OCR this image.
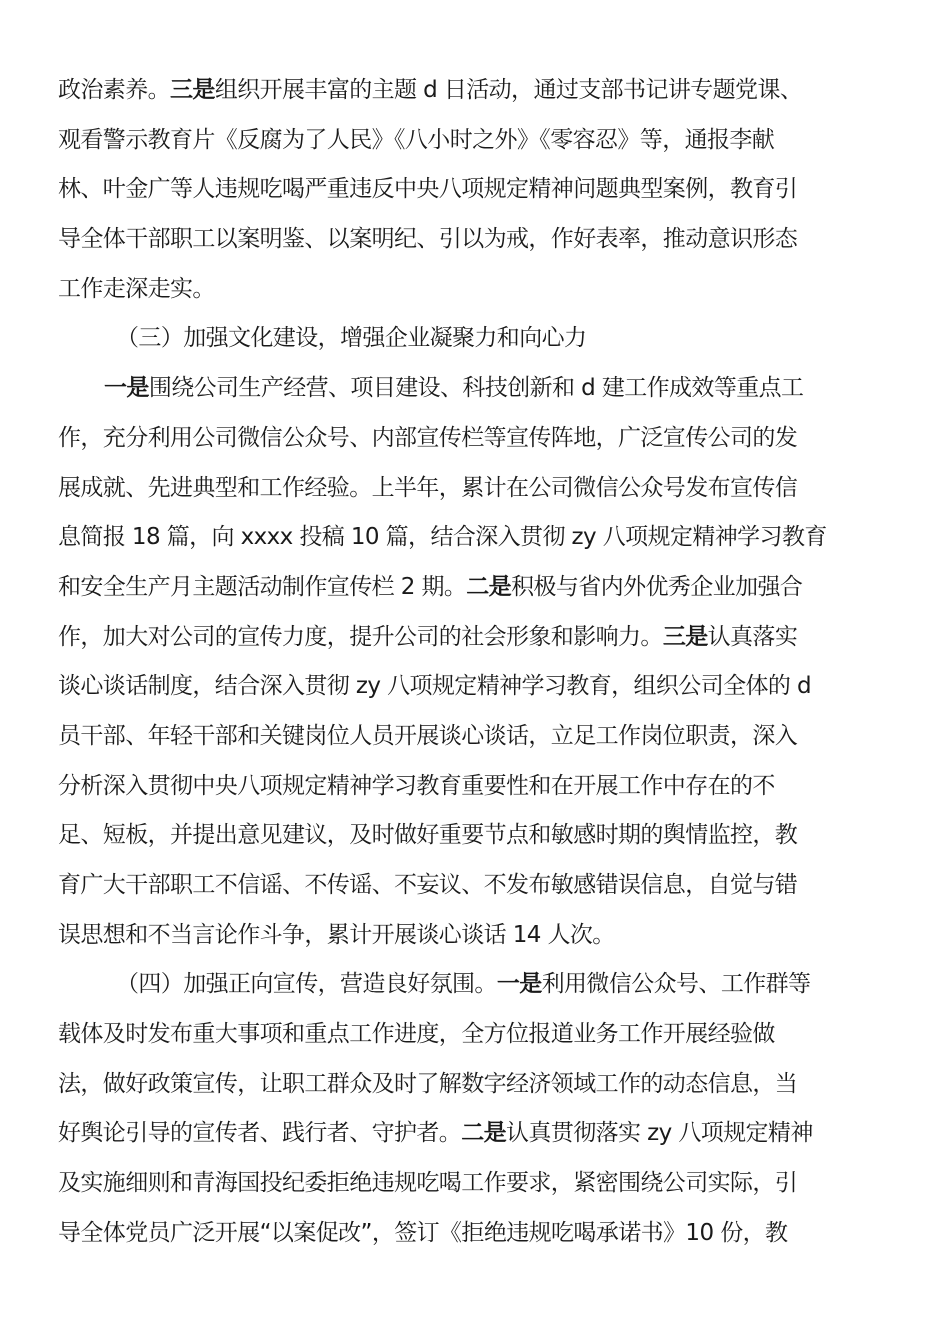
政治素养。三是组织开展丰富的主题 d 日活动，通过支部书记讲专题党课、
观看警示教育片《反腐为了人民》《八小时之外》《零容忍》等，通报李献
林、叶金广等人违规吃喝严重违反中央八项规定精神问题典型案例，教育引
导全体干部职工以案明鉴、以案明纪、引以为戒，作好表率，推动意识形态
工作走深走实。
（三）加强文化建设，增强企业凝聚力和向心力
一是围绕公司生产经营、项目建设、科技创新和 d 建工作成效等重点工
作，充分利用公司微信公众号、内部宣传栏等宣传阵地，广泛宣传公司的发
展成就、先进典型和工作经验。上半年，累计在公司微信公众号发布宣传信
息简报 18 篇，向 xxxx 投稿 10 篇，结合深入贯彻 zy 八项规定精神学习教育
和安全生产月主题活动制作宣传栏 2 期。二是积极与省内外优秀企业加强合
作，加大对公司的宣传力度，提升公司的社会形象和影响力。三是认真落实
谈心谈话制度，结合深入贯彻 zy 八项规定精神学习教育，组织公司全体的 d
员干部、年轻干部和关键岗位人员开展谈心谈话，立足工作岗位职责，深入
分析深入贯彻中央八项规定精神学习教育重要性和在开展工作中存在的不
足、短板，并提出意见建议，及时做好重要节点和敏感时期的舆情监控，教
育广大干部职工不信谣、不传谣、不妄议、不发布敏感错误信息，自觉与错
误思想和不当言论作斗争，累计开展谈心谈话 14 人次。
（四）加强正向宣传，营造良好氛围。一是利用微信公众号、工作群等
载体及时发布重大事项和重点工作进度，全方位报道业务工作开展经验做
法，做好政策宣传，让职工群众及时了解数字经济领域工作的动态信息，当
好舆论引导的宣传者、践行者、守护者。二是认真贯彻落实 zy 八项规定精神
及实施细则和青海国投纪委拒绝违规吃喝工作要求，紧密围绕公司实际，引
导全体党员广泛开展“以案促改”，签订《拒绝违规吃喝承诺书》10 份，教
